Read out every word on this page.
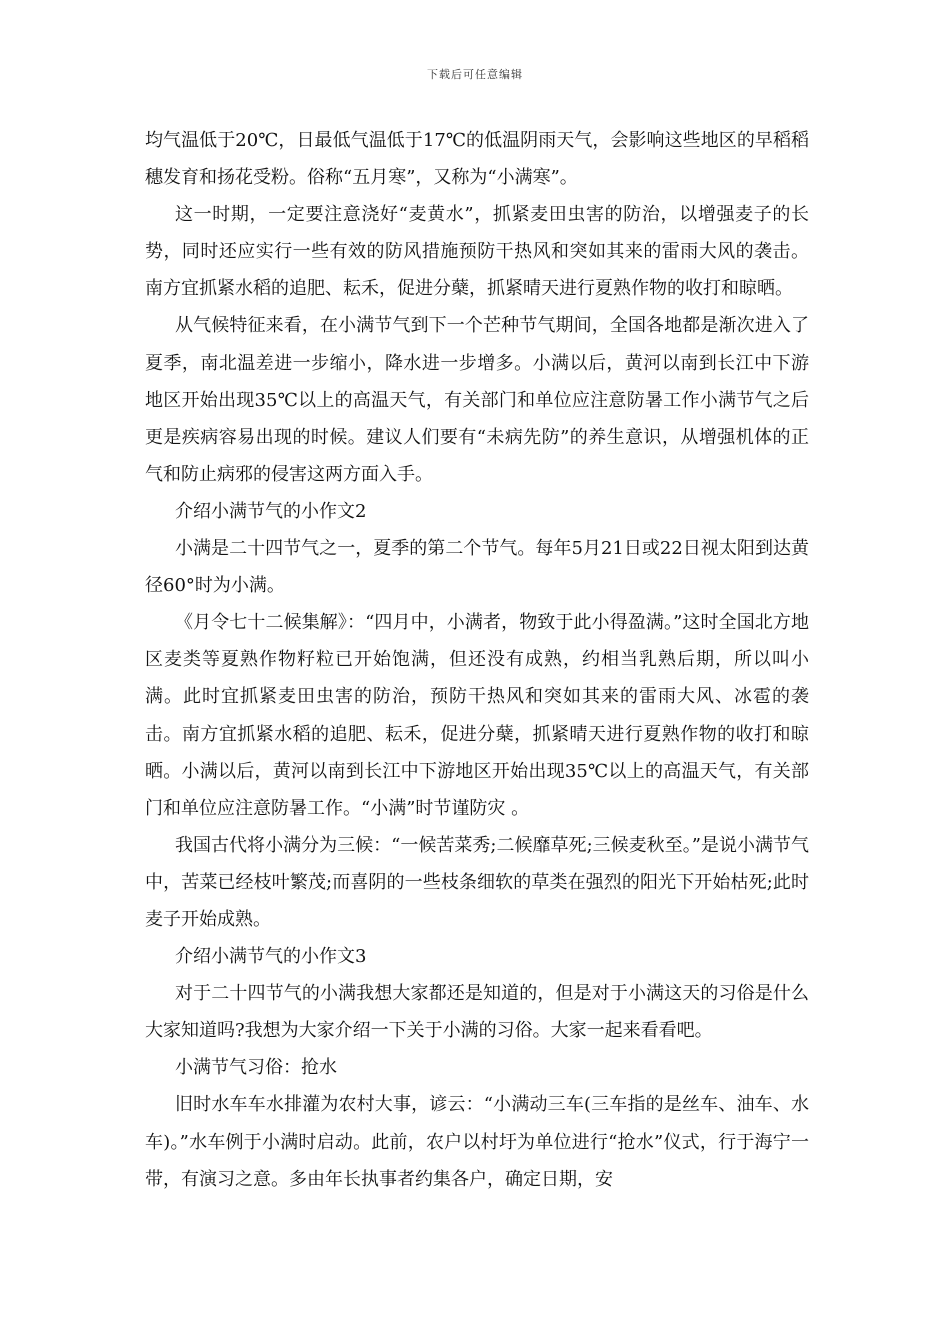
下载后可任意编辑

均气温低于20℃，日最低气温低于17℃的低温阴雨天气，会影响这些地区的早稻稻穗发育和扬花受粉。俗称“五月寒”，又称为“小满寒”。

这一时期，一定要注意浇好“麦黄水”，抓紧麦田虫害的防治，以增强麦子的长势，同时还应实行一些有效的防风措施预防干热风和突如其来的雷雨大风的袭击。南方宜抓紧水稻的追肥、耘禾，促进分蘖，抓紧晴天进行夏熟作物的收打和晾晒。

从气候特征来看，在小满节气到下一个芒种节气期间，全国各地都是渐次进入了夏季，南北温差进一步缩小，降水进一步增多。小满以后，黄河以南到长江中下游地区开始出现35℃以上的高温天气，有关部门和单位应注意防暑工作小满节气之后更是疾病容易出现的时候。建议人们要有“未病先防”的养生意识，从增强机体的正气和防止病邪的侵害这两方面入手。

介绍小满节气的小作文2

小满是二十四节气之一，夏季的第二个节气。每年5月21日或22日视太阳到达黄径60°时为小满。

《月令七十二候集解》：“四月中，小满者，物致于此小得盈满。”这时全国北方地区麦类等夏熟作物籽粒已开始饱满，但还没有成熟，约相当乳熟后期，所以叫小满。此时宜抓紧麦田虫害的防治，预防干热风和突如其来的雷雨大风、冰雹的袭击。南方宜抓紧水稻的追肥、耘禾，促进分蘖，抓紧晴天进行夏熟作物的收打和晾晒。小满以后，黄河以南到长江中下游地区开始出现35℃以上的高温天气，有关部门和单位应注意防暑工作。“小满”时节谨防灾 。

我国古代将小满分为三候：“一候苦菜秀;二候靡草死;三候麦秋至。”是说小满节气中，苦菜已经枝叶繁茂;而喜阴的一些枝条细软的草类在强烈的阳光下开始枯死;此时麦子开始成熟。

介绍小满节气的小作文3

对于二十四节气的小满我想大家都还是知道的，但是对于小满这天的习俗是什么大家知道吗?我想为大家介绍一下关于小满的习俗。大家一起来看看吧。

小满节气习俗：抢水

旧时水车车水排灌为农村大事，谚云：“小满动三车(三车指的是丝车、油车、水车)。”水车例于小满时启动。此前，农户以村圩为单位进行“抢水”仪式，行于海宁一带，有演习之意。多由年长执事者约集各户，确定日期，安
